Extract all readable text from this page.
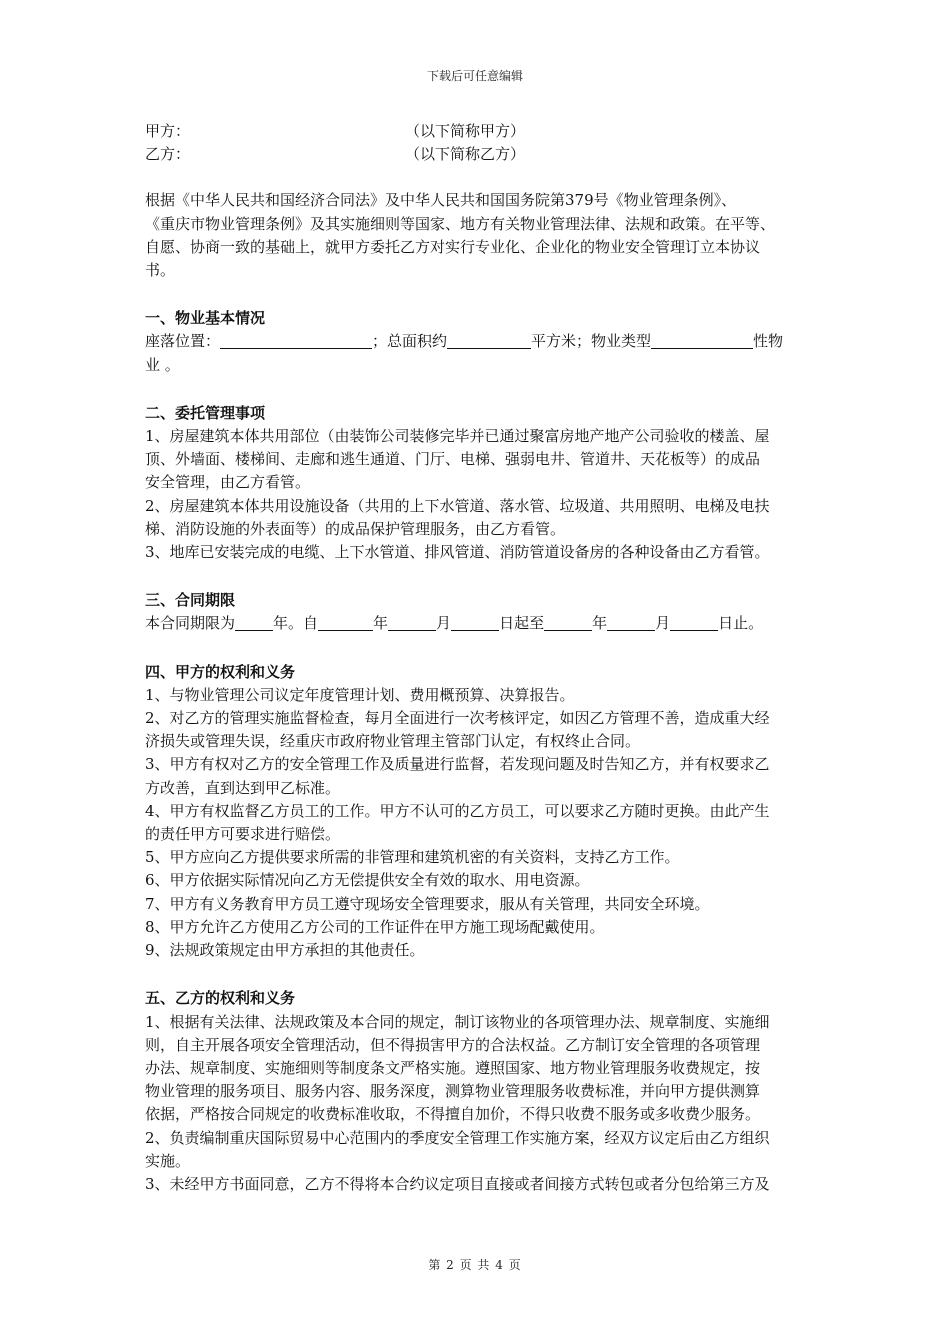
下载后可任意编辑
甲方：	（以下简称甲方）
乙方：	（以下简称乙方）
根据《中华人民共和国经济合同法》及中华人民共和国国务院第379号《物业管理条例》、
《重庆市物业管理条例》及其实施细则等国家、地方有关物业管理法律、法规和政策。在平等、
自愿、协商一致的基础上，就甲方委托乙方对实行专业化、企业化的物业安全管理订立本协议
书。
一、物业基本情况
座落位置：	；总面积约	平方米；物业类型	性物
业 。
二、委托管理事项
1、房屋建筑本体共用部位（由装饰公司装修完毕并已通过聚富房地产地产公司验收的楼盖、屋
顶、外墙面、楼梯间、走廊和逃生通道、门厅、电梯、强弱电井、管道井、天花板等）的成品
安全管理，由乙方看管。
2、房屋建筑本体共用设施设备（共用的上下水管道、落水管、垃圾道、共用照明、电梯及电扶
梯、消防设施的外表面等）的成品保护管理服务，由乙方看管。
3、地库已安装完成的电缆、上下水管道、排风管道、消防管道设备房的各种设备由乙方看管。
三、合同期限
本合同期限为	年。自	年	月	日起至	年	月	日止。
四、甲方的权利和义务
1、与物业管理公司议定年度管理计划、费用概预算、决算报告。
2、对乙方的管理实施监督检查，每月全面进行一次考核评定，如因乙方管理不善，造成重大经
济损失或管理失误，经重庆市政府物业管理主管部门认定，有权终止合同。
3、甲方有权对乙方的安全管理工作及质量进行监督，若发现问题及时告知乙方，并有权要求乙
方改善，直到达到甲乙标准。
4、甲方有权监督乙方员工的工作。甲方不认可的乙方员工，可以要求乙方随时更换。由此产生
的责任甲方可要求进行赔偿。
5、甲方应向乙方提供要求所需的非管理和建筑机密的有关资料，支持乙方工作。
6、甲方依据实际情况向乙方无偿提供安全有效的取水、用电资源。
7、甲方有义务教育甲方员工遵守现场安全管理要求，服从有关管理，共同安全环境。
8、甲方允许乙方使用乙方公司的工作证件在甲方施工现场配戴使用。
9、法规政策规定由甲方承担的其他责任。
五、乙方的权利和义务
1、根据有关法律、法规政策及本合同的规定，制订该物业的各项管理办法、规章制度、实施细
则，自主开展各项安全管理活动，但不得损害甲方的合法权益。乙方制订安全管理的各项管理
办法、规章制度、实施细则等制度条文严格实施。遵照国家、地方物业管理服务收费规定，按
物业管理的服务项目、服务内容、服务深度，测算物业管理服务收费标准，并向甲方提供测算
依据，严格按合同规定的收费标准收取，不得擅自加价，不得只收费不服务或多收费少服务。
2、负责编制重庆国际贸易中心范围内的季度安全管理工作实施方案，经双方议定后由乙方组织
实施。
3、未经甲方书面同意，乙方不得将本合约议定项目直接或者间接方式转包或者分包给第三方及
第 2 页 共 4 页
